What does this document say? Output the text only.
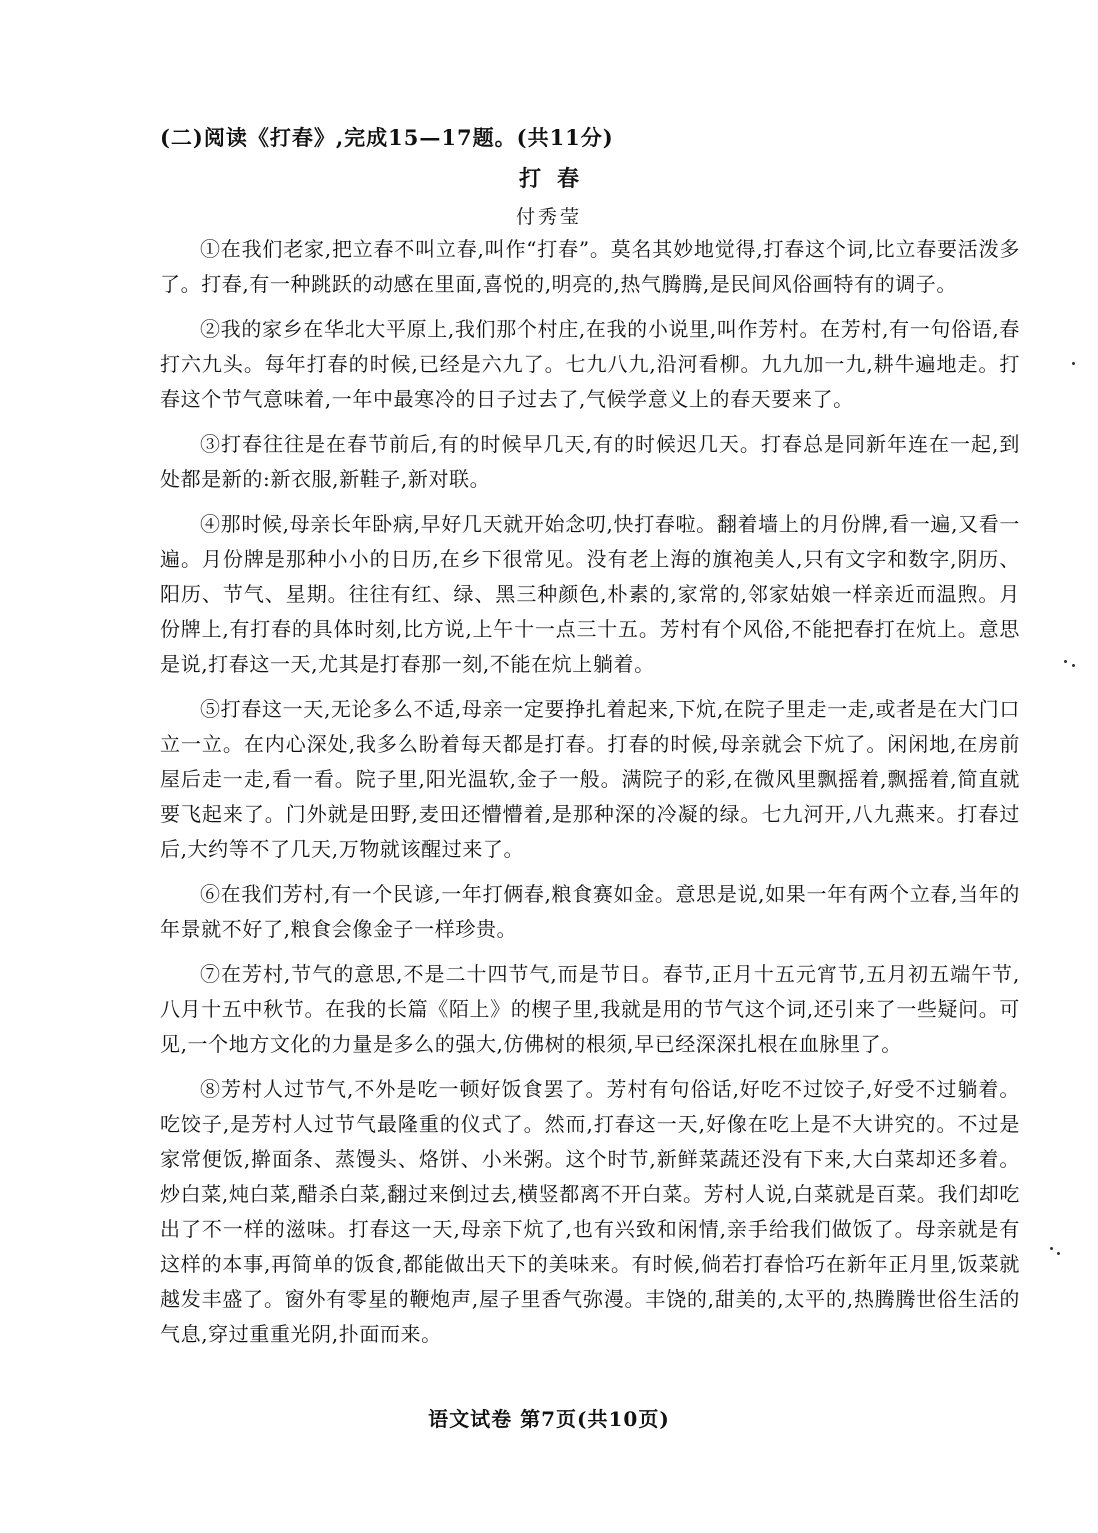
(二)阅读《打春》,完成15—17题。(共11分)
打春
付秀莹

①在我们老家,把立春不叫立春,叫作“打春”。莫名其妙地觉得,打春这个词,比立春要活泼多了。打春,有一种跳跃的动感在里面,喜悦的,明亮的,热气腾腾,是民间风俗画特有的调子。

②我的家乡在华北大平原上,我们那个村庄,在我的小说里,叫作芳村。在芳村,有一句俗语,春打六九头。每年打春的时候,已经是六九了。七九八九,沿河看柳。九九加一九,耕牛遍地走。打春这个节气意味着,一年中最寒冷的日子过去了,气候学意义上的春天要来了。

③打春往往是在春节前后,有的时候早几天,有的时候迟几天。打春总是同新年连在一起,到处都是新的:新衣服,新鞋子,新对联。

④那时候,母亲长年卧病,早好几天就开始念叨,快打春啦。翻着墙上的月份牌,看一遍,又看一遍。月份牌是那种小小的日历,在乡下很常见。没有老上海的旗袍美人,只有文字和数字,阴历、阳历、节气、星期。往往有红、绿、黑三种颜色,朴素的,家常的,邻家姑娘一样亲近而温煦。月份牌上,有打春的具体时刻,比方说,上午十一点三十五。芳村有个风俗,不能把春打在炕上。意思是说,打春这一天,尤其是打春那一刻,不能在炕上躺着。

⑤打春这一天,无论多么不适,母亲一定要挣扎着起来,下炕,在院子里走一走,或者是在大门口立一立。在内心深处,我多么盼着每天都是打春。打春的时候,母亲就会下炕了。闲闲地,在房前屋后走一走,看一看。院子里,阳光温软,金子一般。满院子的彩,在微风里飘摇着,飘摇着,简直就要飞起来了。门外就是田野,麦田还懵懵着,是那种深的冷凝的绿。七九河开,八九燕来。打春过后,大约等不了几天,万物就该醒过来了。

⑥在我们芳村,有一个民谚,一年打俩春,粮食赛如金。意思是说,如果一年有两个立春,当年的年景就不好了,粮食会像金子一样珍贵。

⑦在芳村,节气的意思,不是二十四节气,而是节日。春节,正月十五元宵节,五月初五端午节,八月十五中秋节。在我的长篇《陌上》的楔子里,我就是用的节气这个词,还引来了一些疑问。可见,一个地方文化的力量是多么的强大,仿佛树的根须,早已经深深扎根在血脉里了。

⑧芳村人过节气,不外是吃一顿好饭食罢了。芳村有句俗话,好吃不过饺子,好受不过躺着。吃饺子,是芳村人过节气最隆重的仪式了。然而,打春这一天,好像在吃上是不大讲究的。不过是家常便饭,擀面条、蒸馒头、烙饼、小米粥。这个时节,新鲜菜蔬还没有下来,大白菜却还多着。炒白菜,炖白菜,醋杀白菜,翻过来倒过去,横竖都离不开白菜。芳村人说,白菜就是百菜。我们却吃出了不一样的滋味。打春这一天,母亲下炕了,也有兴致和闲情,亲手给我们做饭了。母亲就是有这样的本事,再简单的饭食,都能做出天下的美味来。有时候,倘若打春恰巧在新年正月里,饭菜就越发丰盛了。窗外有零星的鞭炮声,屋子里香气弥漫。丰饶的,甜美的,太平的,热腾腾世俗生活的气息,穿过重重光阴,扑面而来。

语文试卷 第7页(共10页)
